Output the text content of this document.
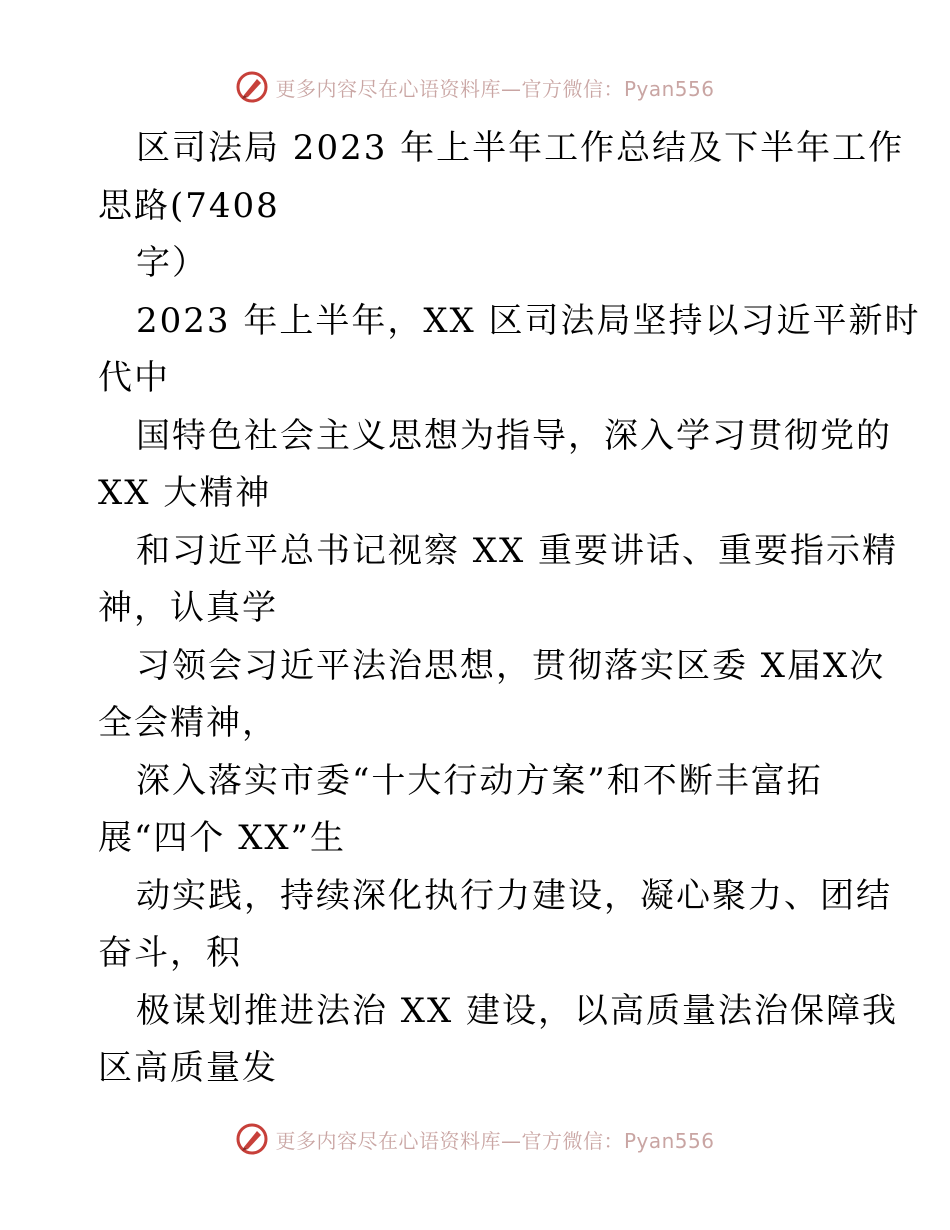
更多内容尽在心语资料库—官方微信：Pyan556
区司法局 2023 年上半年工作总结及下半年工作
思路(7408
字）
2023 年上半年，XX 区司法局坚持以习近平新时
代中
国特色社会主义思想为指导，深入学习贯彻党的
XX 大精神
和习近平总书记视察 XX 重要讲话、重要指示精
神，认真学
习领会习近平法治思想，贯彻落实区委 X届X次
全会精神，
深入落实市委“十大行动方案”和不断丰富拓
展“四个 XX”生
动实践，持续深化执行力建设，凝心聚力、团结
奋斗，积
极谋划推进法治 XX 建设，以高质量法治保障我
区高质量发
更多内容尽在心语资料库—官方微信：Pyan556
